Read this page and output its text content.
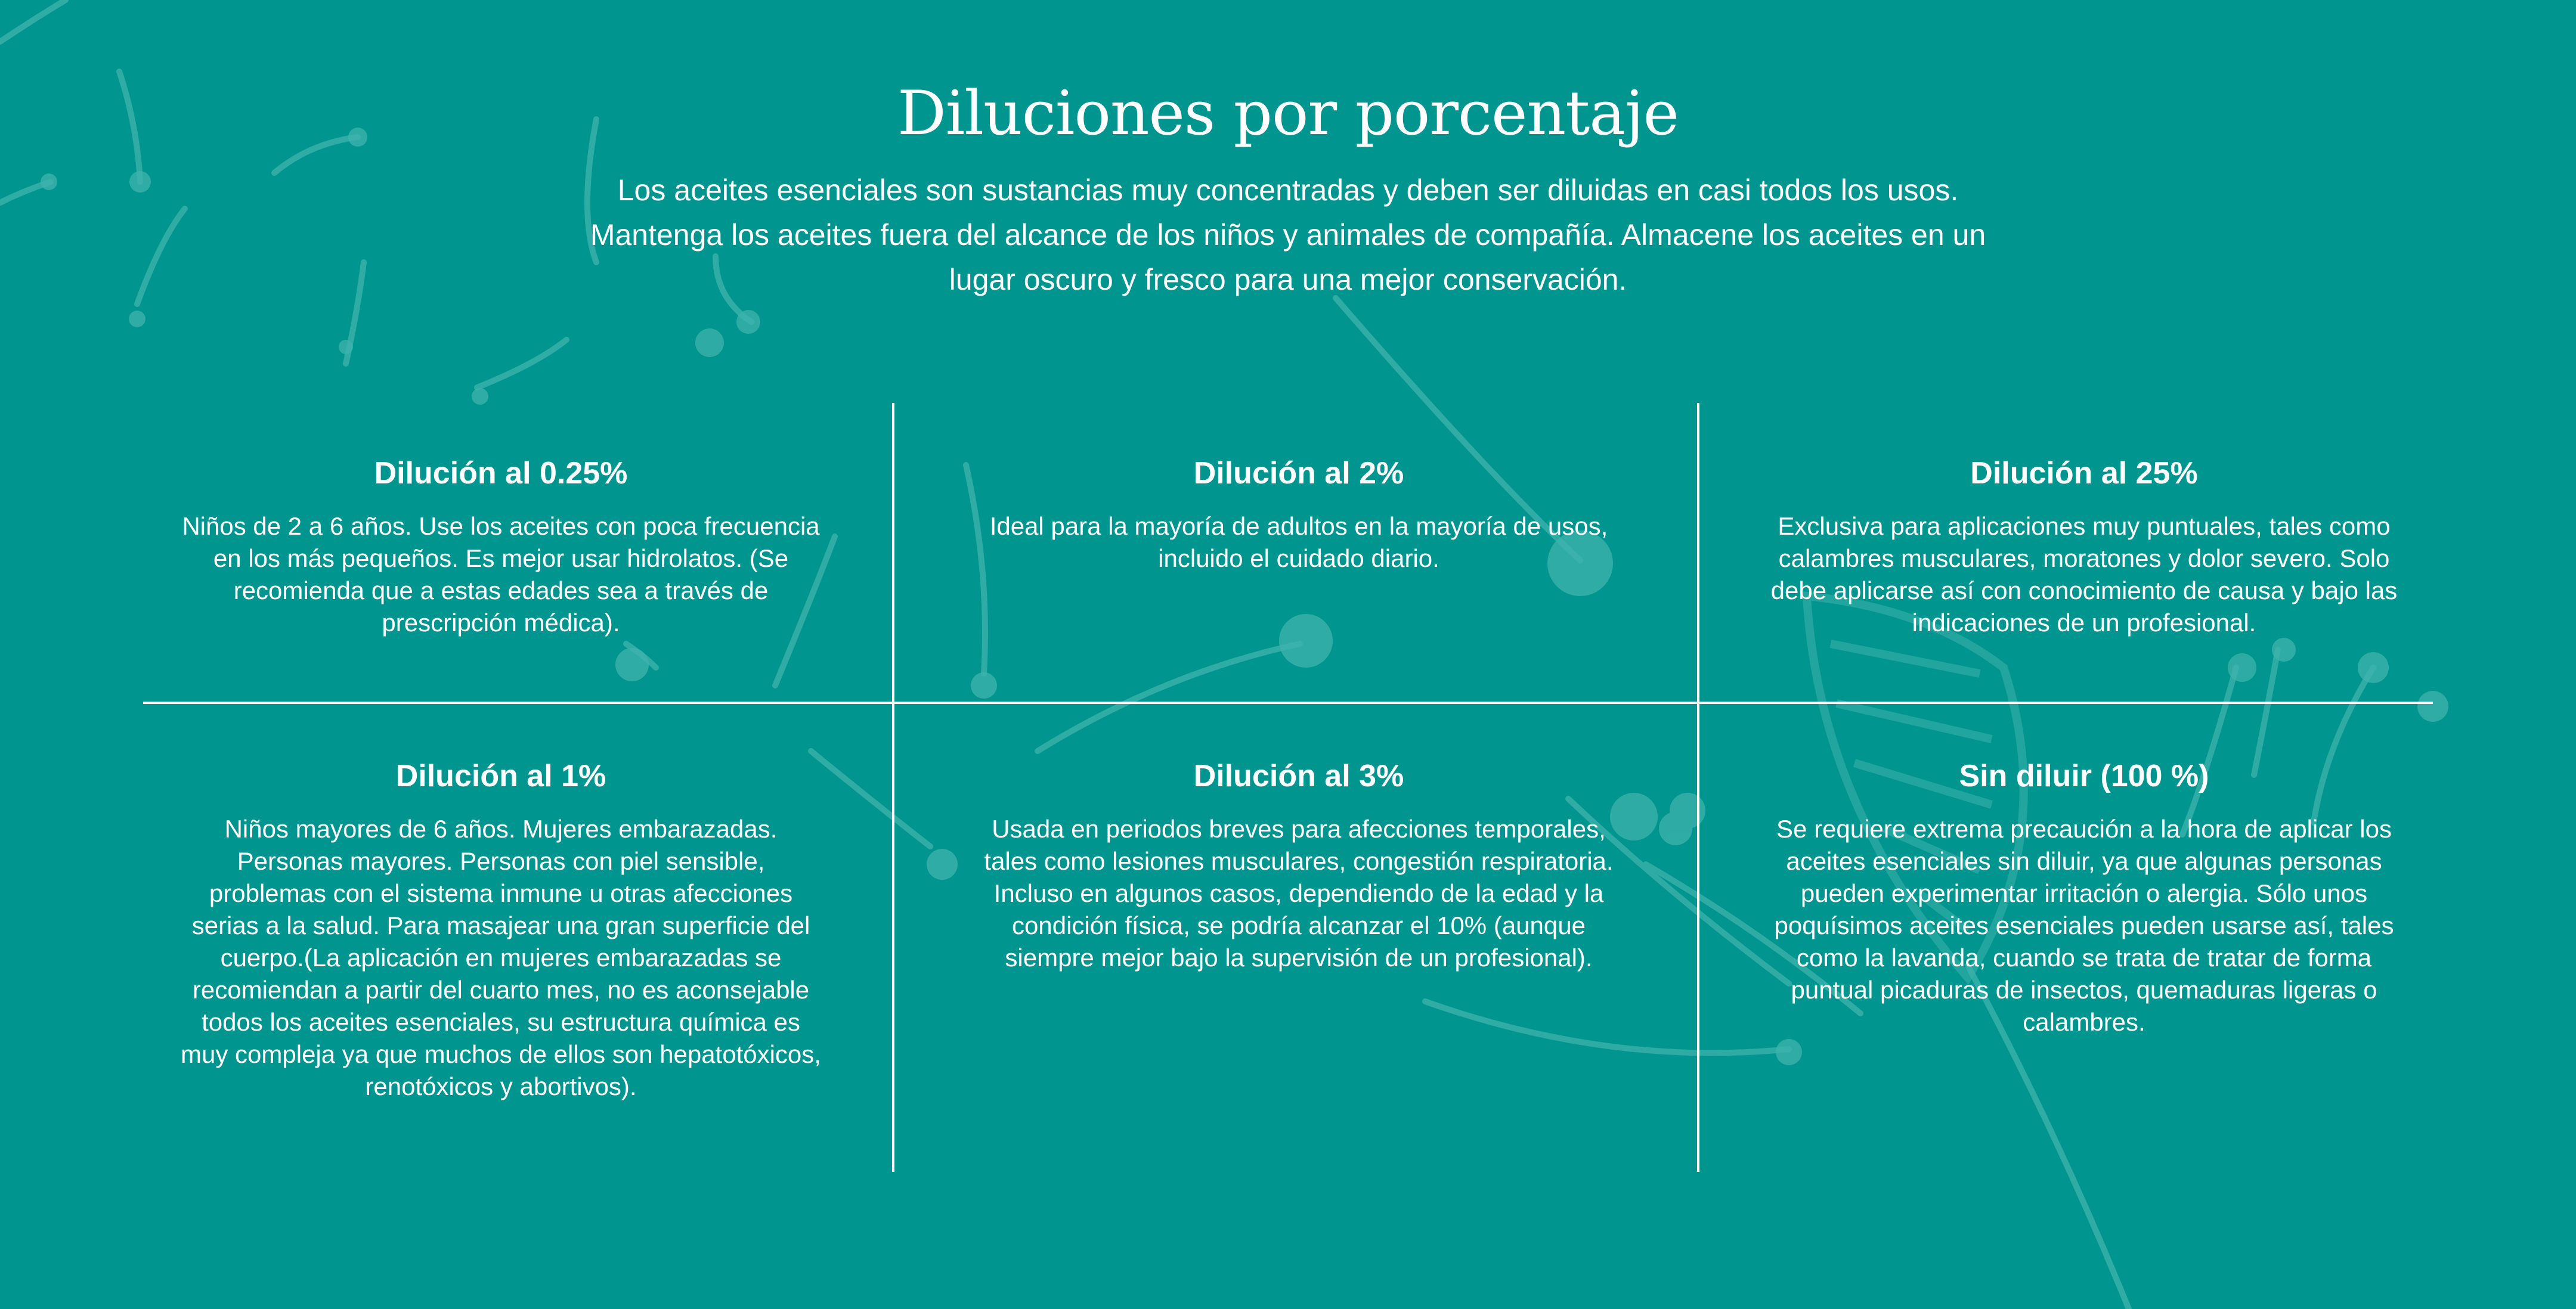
Diluciones por porcentaje
Los aceites esenciales son sustancias muy concentradas y deben ser diluidas en casi todos los usos. Mantenga los aceites fuera del alcance de los niños y animales de compañía. Almacene los aceites en un lugar oscuro y fresco para una mejor conservación.
Dilución al 0.25%

Niños de 2 a 6 años. Use los aceites con poca frecuencia en los más pequeños. Es mejor usar hidrolatos. (Se recomienda que a estas edades sea a través de prescripción médica).

Dilución al 2%

Ideal para la mayoría de adultos en la mayoría de usos, incluido el cuidado diario.

Dilución al 25%

Exclusiva para aplicaciones muy puntuales, tales como calambres musculares, moratones y dolor severo. Solo debe aplicarse así con conocimiento de causa y bajo las indicaciones de un profesional.

Dilución al 1%

Niños mayores de 6 años. Mujeres embarazadas. Personas mayores. Personas con piel sensible, problemas con el sistema inmune u otras afecciones serias a la salud. Para masajear una gran superficie del cuerpo.(La aplicación en mujeres embarazadas se recomiendan a partir del cuarto mes, no es aconsejable todos los aceites esenciales, su estructura química es muy compleja ya que muchos de ellos son hepatotóxicos, renotóxicos y abortivos).

Dilución al 3%

Usada en periodos breves para afecciones temporales, tales como lesiones musculares, congestión respiratoria. Incluso en algunos casos, dependiendo de la edad y la condición física, se podría alcanzar el 10% (aunque siempre mejor bajo la supervisión de un profesional).

Sin diluir (100 %)

Se requiere extrema precaución a la hora de aplicar los aceites esenciales sin diluir, ya que algunas personas pueden experimentar irritación o alergia. Sólo unos poquísimos aceites esenciales pueden usarse así, tales como la lavanda, cuando se trata de tratar de forma puntual picaduras de insectos, quemaduras ligeras o calambres.
